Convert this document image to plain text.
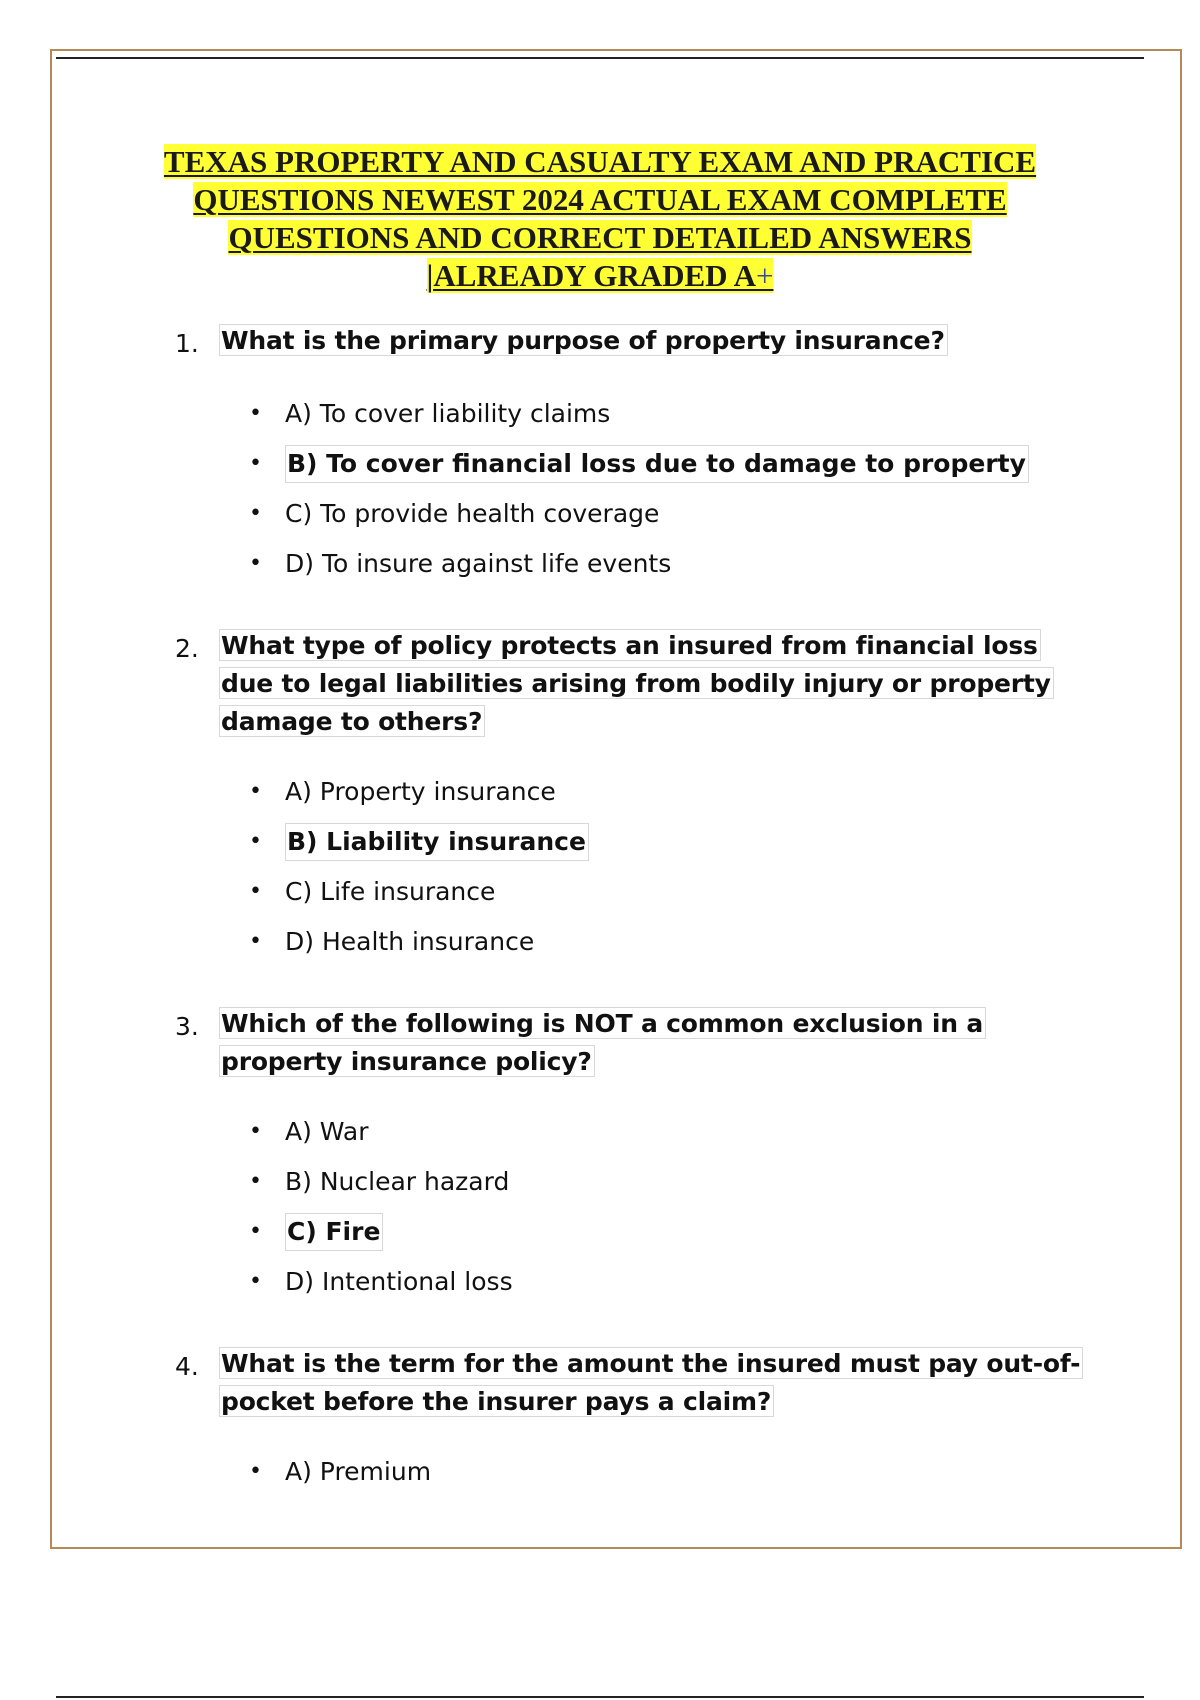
TEXAS PROPERTY AND CASUALTY EXAM AND PRACTICE
QUESTIONS NEWEST 2024 ACTUAL EXAM COMPLETE
QUESTIONS AND CORRECT DETAILED ANSWERS
|ALREADY GRADED A+
1. What is the primary purpose of property insurance?
• A) To cover liability claims
•	B) To cover financial loss due to damage to property
• C) To provide health coverage
• D) To insure against life events
2. What type of policy protects an insured from financial loss due to legal liabilities arising from bodily injury or property damage to others?
• A) Property insurance
•	B) Liability insurance
• C) Life insurance
• D) Health insurance
3. Which of the following is NOT a common exclusion in a property insurance policy?
• A) War
• B) Nuclear hazard
•	C) Fire
• D) Intentional loss
4. What is the term for the amount the insured must pay out-of-pocket before the insurer pays a claim?
• A) Premium
